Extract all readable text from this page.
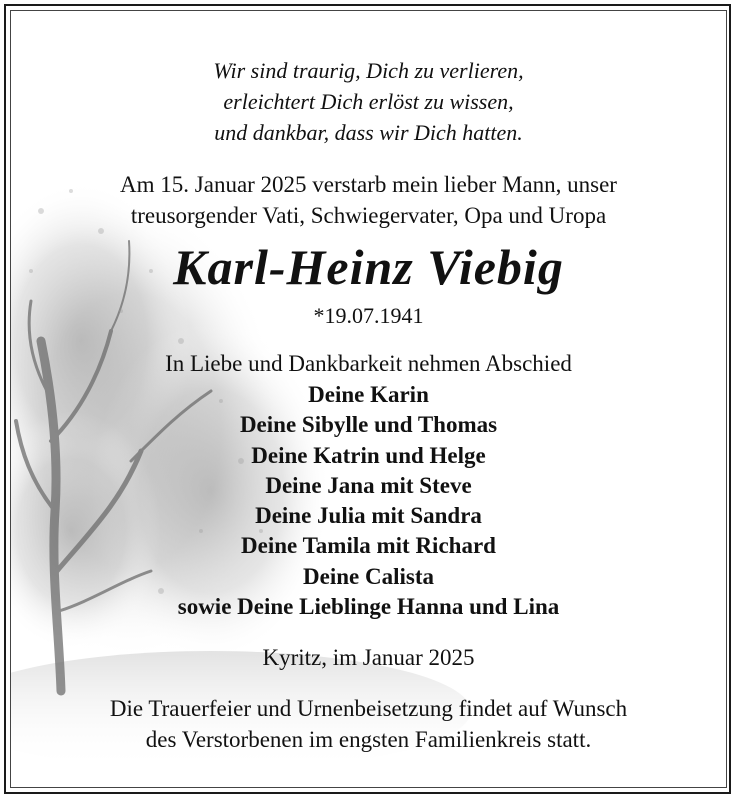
Wir sind traurig, Dich zu verlieren,
erleichtert Dich erlöst zu wissen,
und dankbar, dass wir Dich hatten.
Am 15. Januar 2025 verstarb mein lieber Mann, unser
treusorgender Vati, Schwiegervater, Opa und Uropa
Karl-Heinz Viebig
*19.07.1941
In Liebe und Dankbarkeit nehmen Abschied
Deine Karin
Deine Sibylle und Thomas
Deine Katrin und Helge
Deine Jana mit Steve
Deine Julia mit Sandra
Deine Tamila mit Richard
Deine Calista
sowie Deine Lieblinge Hanna und Lina
Kyritz, im Januar 2025
Die Trauerfeier und Urnenbeisetzung findet auf Wunsch
des Verstorbenen im engsten Familienkreis statt.
